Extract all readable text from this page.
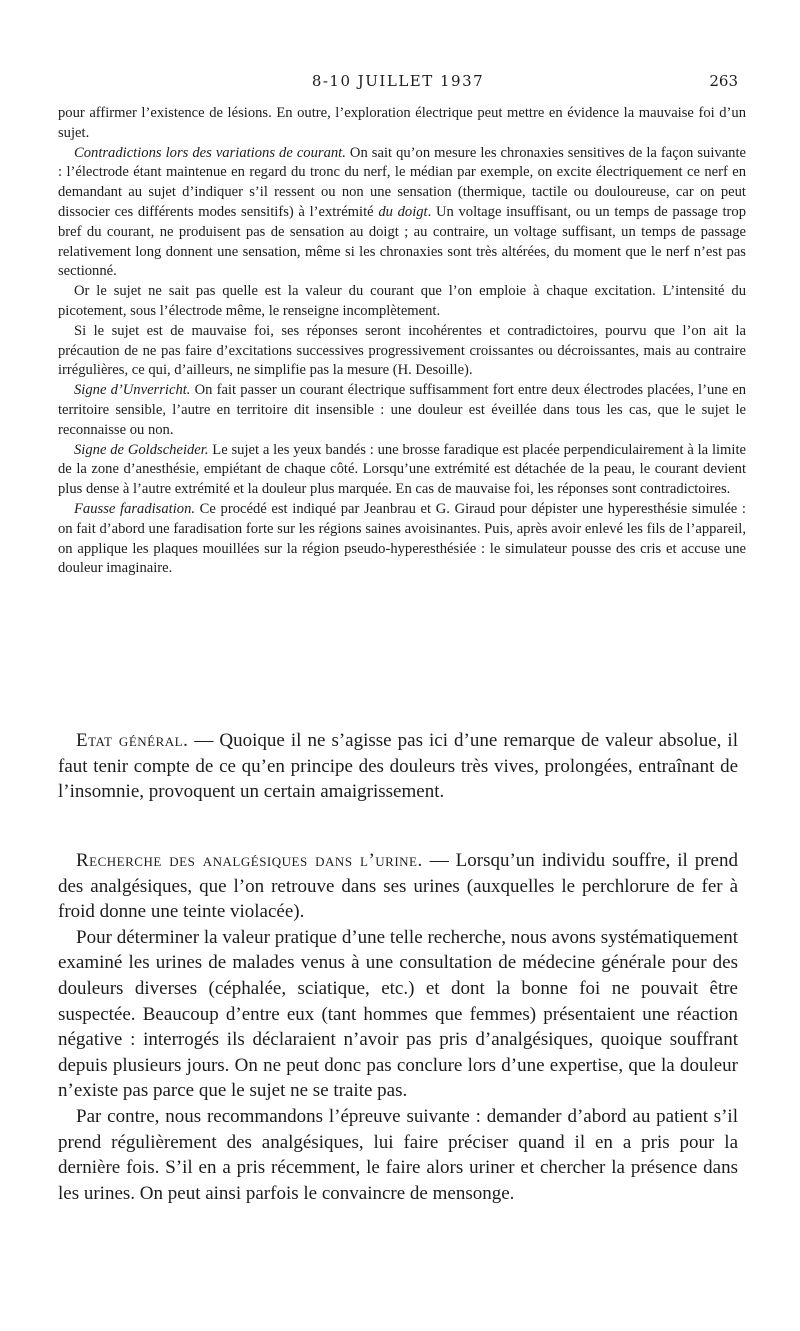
8-10 JUILLET 1937	263

pour affirmer l’existence de lésions. En outre, l’exploration électrique peut mettre en évidence la mauvaise foi d’un sujet.

Contradictions lors des variations de courant. On sait qu’on mesure les chronaxies sensitives de la façon suivante : l’électrode étant maintenue en regard du tronc du nerf, le médian par exemple, on excite électriquement ce nerf en demandant au sujet d’indiquer s’il ressent ou non une sensation (thermique, tactile ou douloureuse, car on peut dissocier ces différents modes sensitifs) à l’extrémité du doigt. Un voltage insuffisant, ou un temps de passage trop bref du courant, ne produisent pas de sensation au doigt ; au contraire, un voltage suffisant, un temps de passage relativement long donnent une sensation, même si les chronaxies sont très altérées, du moment que le nerf n’est pas sectionné.

Or le sujet ne sait pas quelle est la valeur du courant que l’on emploie à chaque excitation. L’intensité du picotement, sous l’électrode même, le renseigne incomplètement.

Si le sujet est de mauvaise foi, ses réponses seront incohérentes et contradictoires, pourvu que l’on ait la précaution de ne pas faire d’excitations successives progressivement croissantes ou décroissantes, mais au contraire irrégulières, ce qui, d’ailleurs, ne simplifie pas la mesure (H. Desoille).

Signe d’Unverricht. On fait passer un courant électrique suffisamment fort entre deux électrodes placées, l’une en territoire sensible, l’autre en territoire dit insensible : une douleur est éveillée dans tous les cas, que le sujet le reconnaisse ou non.

Signe de Goldscheider. Le sujet a les yeux bandés : une brosse faradique est placée perpendiculairement à la limite de la zone d’anesthésie, empiétant de chaque côté. Lorsqu’une extrémité est détachée de la peau, le courant devient plus dense à l’autre extrémité et la douleur plus marquée. En cas de mauvaise foi, les réponses sont contradictoires.

Fausse faradisation. Ce procédé est indiqué par Jeanbrau et G. Giraud pour dépister une hyperesthésie simulée : on fait d’abord une faradisation forte sur les régions saines avoisinantes. Puis, après avoir enlevé les fils de l’appareil, on applique les plaques mouillées sur la région pseudo-hyperesthésiée : le simulateur pousse des cris et accuse une douleur imaginaire.

Etat général. — Quoique il ne s’agisse pas ici d’une remarque de valeur absolue, il faut tenir compte de ce qu’en principe des douleurs très vives, prolongées, entraînant de l’insomnie, provoquent un certain amaigrissement.

Recherche des analgésiques dans l’urine. — Lorsqu’un individu souffre, il prend des analgésiques, que l’on retrouve dans ses urines (auxquelles le perchlorure de fer à froid donne une teinte violacée).

Pour déterminer la valeur pratique d’une telle recherche, nous avons systématiquement examiné les urines de malades venus à une consultation de médecine générale pour des douleurs diverses (céphalée, sciatique, etc.) et dont la bonne foi ne pouvait être suspectée. Beaucoup d’entre eux (tant hommes que femmes) présentaient une réaction négative : interrogés ils déclaraient n’avoir pas pris d’analgésiques, quoique souffrant depuis plusieurs jours. On ne peut donc pas conclure lors d’une expertise, que la douleur n’existe pas parce que le sujet ne se traite pas.

Par contre, nous recommandons l’épreuve suivante : demander d’abord au patient s’il prend régulièrement des analgésiques, lui faire préciser quand il en a pris pour la dernière fois. S’il en a pris récemment, le faire alors uriner et chercher la présence dans les urines. On peut ainsi parfois le convaincre de mensonge.
